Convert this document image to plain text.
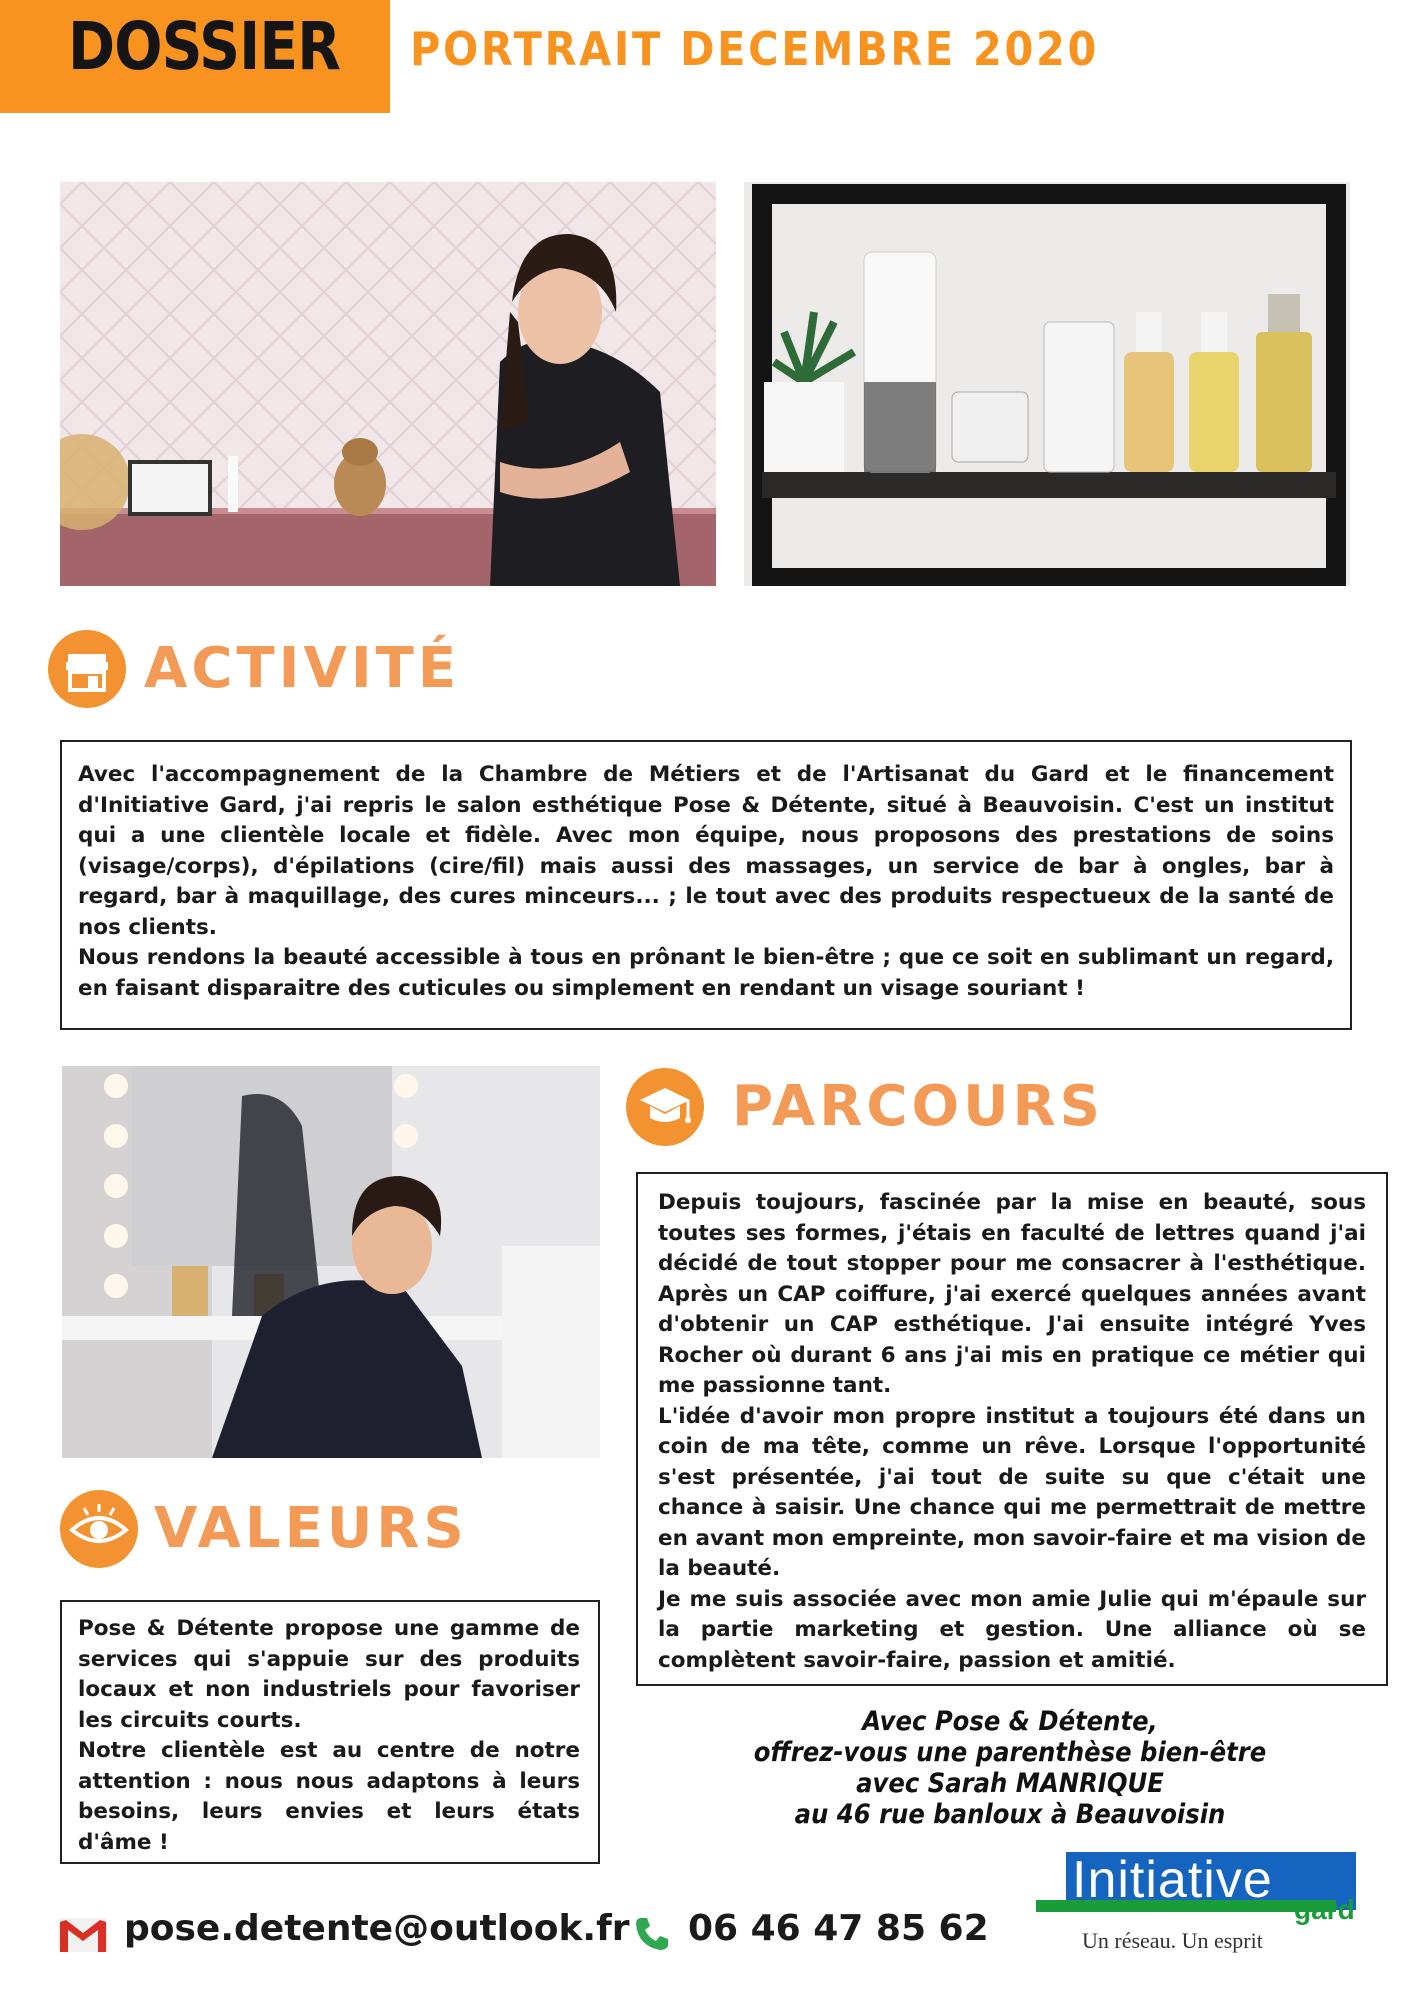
DOSSIER PORTRAIT DECEMBRE 2020
ACTIVITÉ

Avec l'accompagnement de la Chambre de Métiers et de l'Artisanat du Gard et le financement d'Initiative Gard, j'ai repris le salon esthétique Pose & Détente, situé à Beauvoisin. C'est un institut qui a une clientèle locale et fidèle. Avec mon équipe, nous proposons des prestations de soins (visage/corps), d'épilations (cire/fil) mais aussi des massages, un service de bar à ongles, bar à regard, bar à maquillage, des cures minceurs... ; le tout avec des produits respectueux de la santé de nos clients.

Nous rendons la beauté accessible à tous en prônant le bien-être ; que ce soit en sublimant un regard, en faisant disparaitre des cuticules ou simplement en rendant un visage souriant !

PARCOURS

Depuis toujours, fascinée par la mise en beauté, sous toutes ses formes, j'étais en faculté de lettres quand j'ai décidé de tout stopper pour me consacrer à l'esthétique. Après un CAP coiffure, j'ai exercé quelques années avant d'obtenir un CAP esthétique. J'ai ensuite intégré Yves Rocher où durant 6 ans j'ai mis en pratique ce métier qui me passionne tant.

L'idée d'avoir mon propre institut a toujours été dans un coin de ma tête, comme un rêve. Lorsque l'opportunité s'est présentée, j'ai tout de suite su que c'était une chance à saisir. Une chance qui me permettrait de mettre en avant mon empreinte, mon savoir-faire et ma vision de la beauté.

Je me suis associée avec mon amie Julie qui m'épaule sur la partie marketing et gestion. Une alliance où se complètent savoir-faire, passion et amitié.

VALEURS

Pose & Détente propose une gamme de services qui s'appuie sur des produits locaux et non industriels pour favoriser les circuits courts.

Notre clientèle est au centre de notre attention : nous nous adaptons à leurs besoins, leurs envies et leurs états d'âme !

Avec Pose & Détente,
offrez-vous une parenthèse bien-être
avec Sarah MANRIQUE
au 46 rue banloux à Beauvoisin
pose.detente@outlook.fr 06 46 47 85 62
Initiative
gard
Un réseau. Un esprit
